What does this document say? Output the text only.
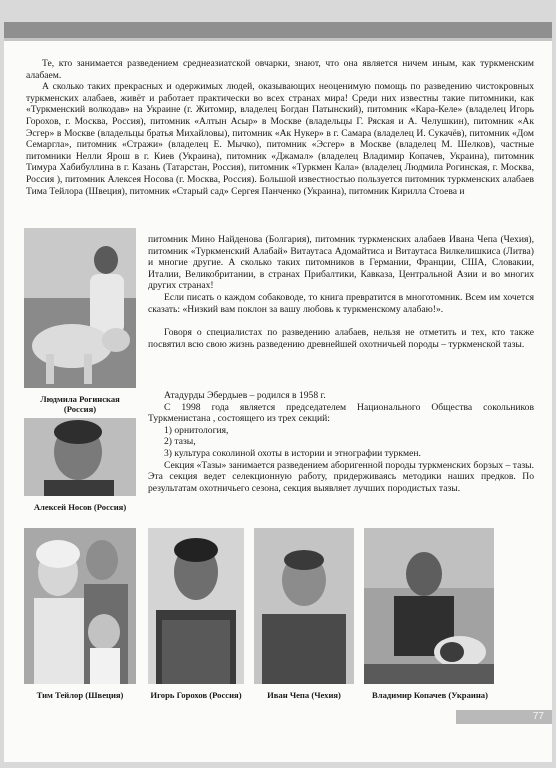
Те, кто занимается разведением среднеазиатской овчарки, знают, что она является ничем иным, как туркменским алабаем.

А сколько таких прекрасных и одержимых людей, оказывающих неоценимую помощь по разведению чистокровных туркменских алабаев, живёт и работает практически во всех странах мира! Среди них известны такие питомники, как «Туркменский волкодав» на Украине (г. Житомир, владелец Богдан Патынский), питомник «Кара-Келе» (владелец Игорь Горохов, г. Москва, Россия), питомник «Алтын Асыр» в Москве (владельцы Г. Ряская и А. Челушкин), питомник «Ак Эсгер» в Москве (владельцы братья Михайловы), питомник «Ак Нукер» в г. Самара (владелец И. Сукачёв), питомник «Дом Семаргла», питомник «Стражи» (владелец Е. Мычко), питомник «Эсгер» в Москве (владелец М. Шелков), частные питомники Нелли Ярош в г. Киев (Украина), питомник «Джамал» (владелец Владимир Копачев, Украина), питомник Тимура Хабибуллина в г. Казань (Татарстан, Россия), питомник «Туркмен Кала» (владелец Людмила Рогинская, г. Москва, Россия ), питомник Алексея Носова (г. Москва, Россия). Большой известностью пользуется питомник туркменских алабаев Тима Тейлора (Швеция), питомник «Старый сад» Сергея Панченко (Украина), питомник Кирилла Стоева и

Людмила Рогинская (Россия)
Алексей Носов (Россия)

питомник Мино Найденова (Болгария), питомник туркменских алабаев Ивана Чепа (Чехия), питомник «Туркменский Алабай» Витаутаса Адомайтиса и Витаутаса Вилкелишкиса (Литва) и многие другие. А сколько таких питомников в Германии, Франции, США, Словакии, Италии, Великобритании, в странах Прибалтики, Кавказа, Центральной Азии и во многих других странах!

Если писать о каждом собаководе, то книга превратится в многотомник. Всем им хочется сказать: «Низкий вам поклон за вашу любовь к туркменскому алабаю!».

Говоря о специалистах по разведению алабаев, нельзя не отметить и тех, кто также посвятил всю свою жизнь разведению древнейшей охотничьей породы – туркменской тазы.

Атадурды Эбердыев – родился в 1958 г.

С 1998 года является председателем Национального Общества сокольников Туркменистана , состоящего из трех секций:

1) орнитология,

2) тазы,

3) культура соколиной охоты в истории и этнографии туркмен.

Секция «Тазы» занимается разведением аборигенной породы туркменских борзых – тазы. Эта секция ведет селекционную работу, придерживаясь методики наших предков. По результатам охотничьего сезона, секция выявляет лучших породистых тазы.

Тим Тейлор (Швеция)	Игорь Горохов (Россия)	Иван Чепа (Чехия)	Владимир Копачев (Украина)
77
